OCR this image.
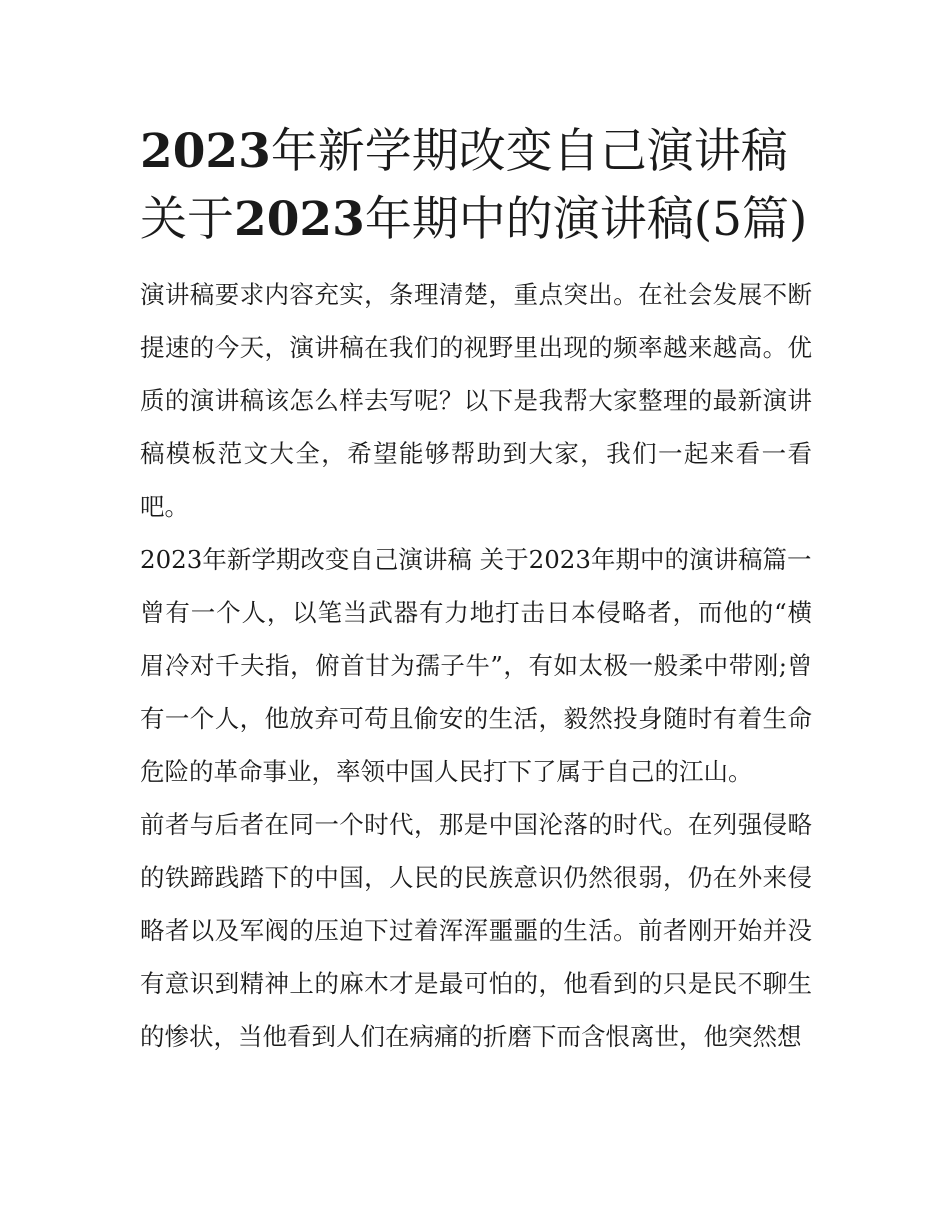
2023年新学期改变自己演讲稿关于2023年期中的演讲稿(5篇)

演讲稿要求内容充实，条理清楚，重点突出。在社会发展不断提速的今天，演讲稿在我们的视野里出现的频率越来越高。优质的演讲稿该怎么样去写呢？以下是我帮大家整理的最新演讲稿模板范文大全，希望能够帮助到大家，我们一起来看一看吧。

2023年新学期改变自己演讲稿 关于2023年期中的演讲稿篇一

曾有一个人，以笔当武器有力地打击日本侵略者，而他的“横眉冷对千夫指，俯首甘为孺子牛”，有如太极一般柔中带刚;曾有一个人，他放弃可苟且偷安的生活，毅然投身随时有着生命危险的革命事业，率领中国人民打下了属于自己的江山。

前者与后者在同一个时代，那是中国沦落的时代。在列强侵略的铁蹄践踏下的中国，人民的民族意识仍然很弱，仍在外来侵略者以及军阀的压迫下过着浑浑噩噩的生活。前者刚开始并没有意识到精神上的麻木才是最可怕的，他看到的只是民不聊生的惨状，当他看到人们在病痛的折磨下而含恨离世，他突然想
